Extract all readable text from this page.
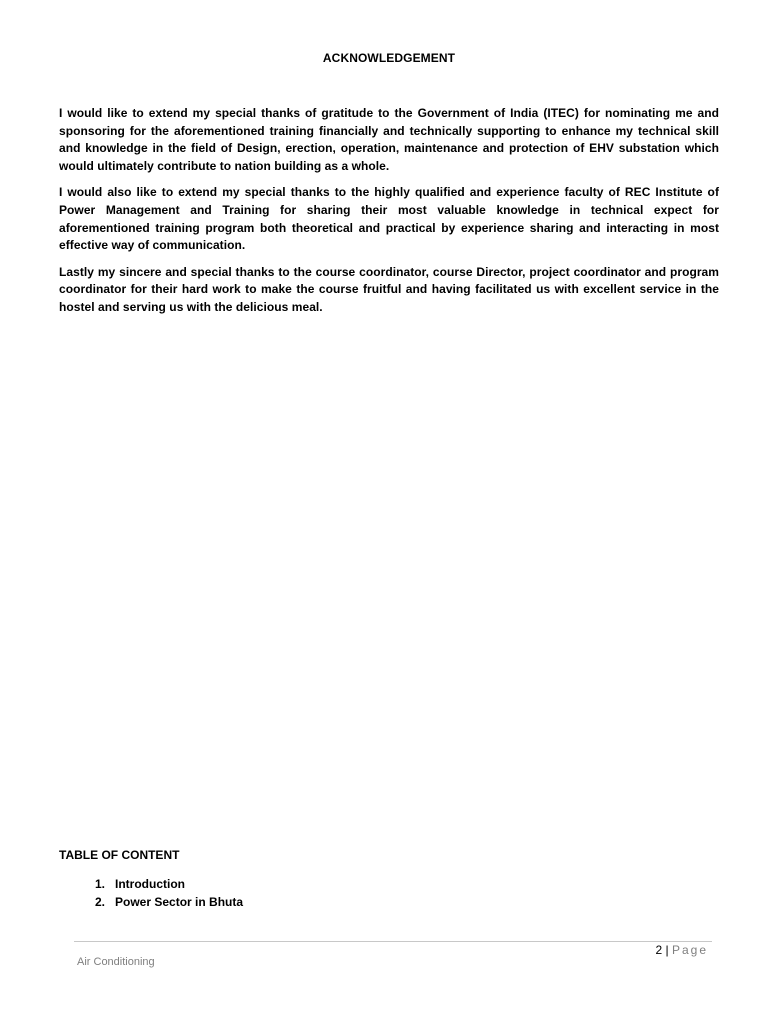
ACKNOWLEDGEMENT

I would like to extend my special thanks of gratitude to the Government of India (ITEC) for nominating me and sponsoring for the aforementioned training financially and technically supporting to enhance my technical skill and knowledge in the field of Design, erection, operation, maintenance and protection of EHV substation which would ultimately contribute to nation building as a whole.

I would also like to extend my special thanks to the highly qualified and experience faculty of REC Institute of Power Management and Training for sharing their most valuable knowledge in technical expect for aforementioned training program both theoretical and practical by experience sharing and interacting in most effective way of communication.

Lastly my sincere and special thanks to the course coordinator, course Director, project coordinator and program coordinator for their hard work to make the course fruitful and having facilitated us with excellent service in the hostel and serving us with the delicious meal.

TABLE OF CONTENT
1. Introduction
2. Power Sector in Bhuta
2 | Page
Air Conditioning
